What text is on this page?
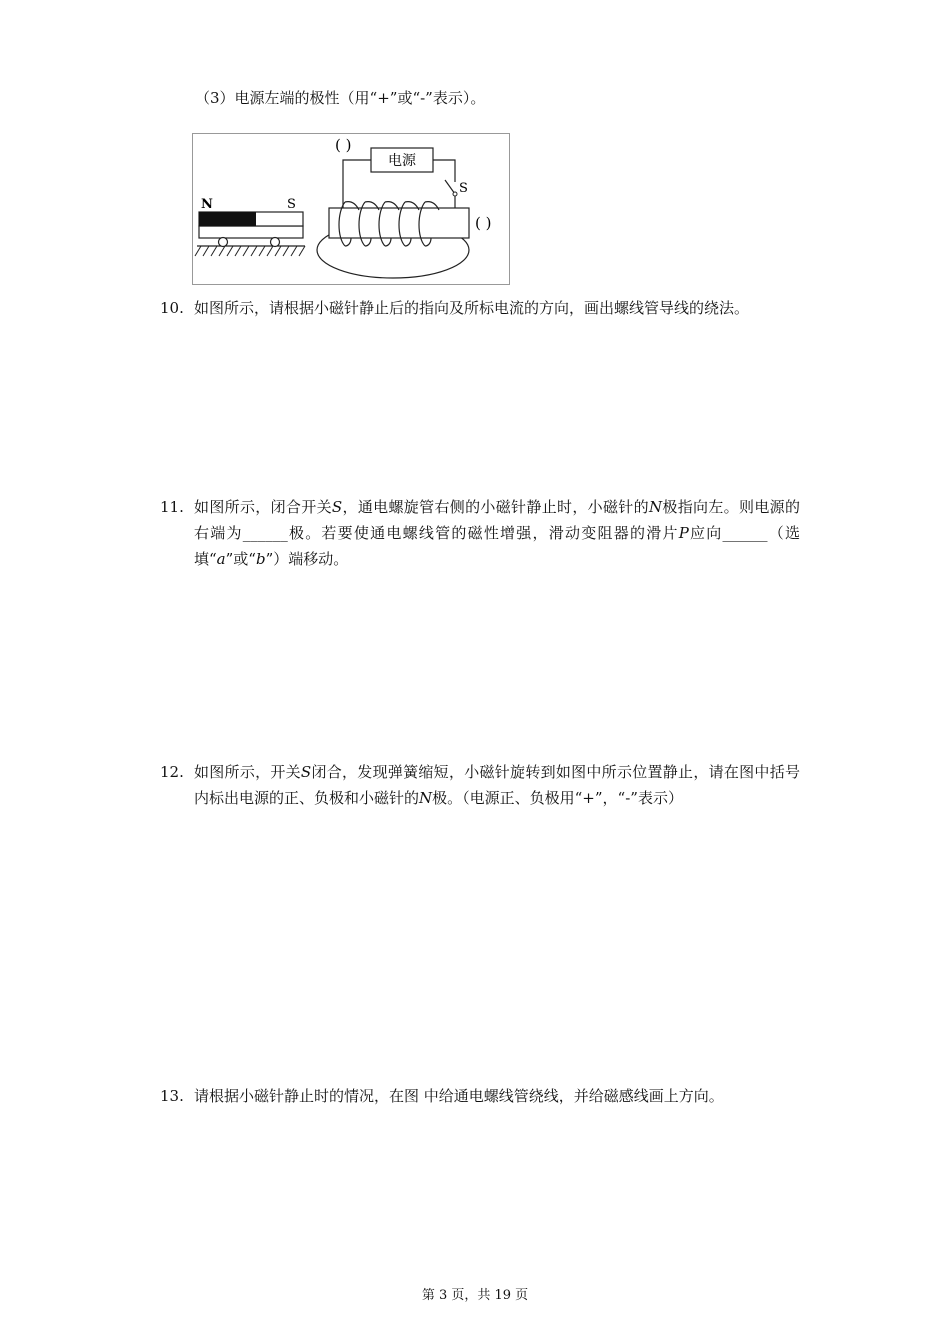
（3）电源左端的极性（用“+”或“-”表示）。
N	S
电源
( )
S
( )
10. 如图所示，请根据小磁针静止后的指向及所标电流的方向，画出螺线管导线的绕法。
11. 如图所示，闭合开关S，通电螺旋管右侧的小磁针静止时，小磁针的N极指向左。则电源的右端为______极。若要使通电螺线管的磁性增强，滑动变阻器的滑片P应向______（选填“a”或“b”）端移动。
12. 如图所示，开关S闭合，发现弹簧缩短，小磁针旋转到如图中所示位置静止，请在图中括号内标出电源的正、负极和小磁针的N极。（电源正、负极用“+”，“-”表示）
13. 请根据小磁针静止时的情况，在图 中给通电螺线管绕线，并给磁感线画上方向。
第 3 页，共 19 页
